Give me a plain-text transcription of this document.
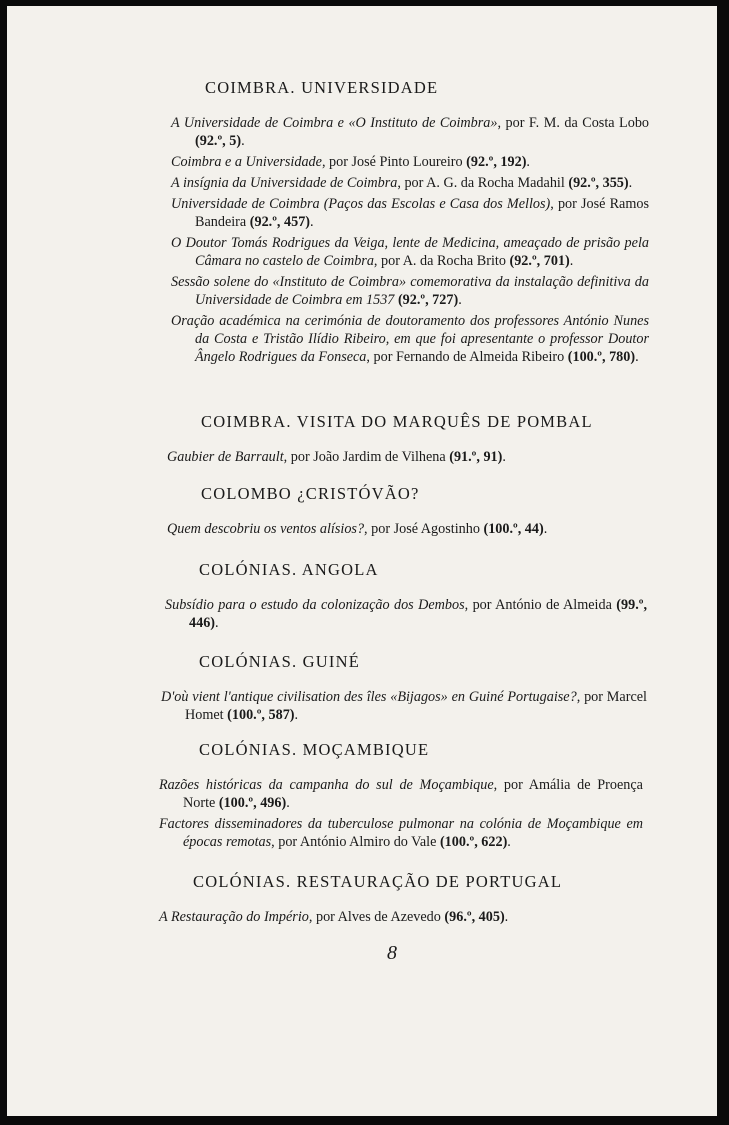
COIMBRA. UNIVERSIDADE

A Universidade de Coimbra e «O Instituto de Coimbra», por F. M. da Costa Lobo (92.º, 5).

Coimbra e a Universidade, por José Pinto Loureiro (92.º, 192).

A insígnia da Universidade de Coimbra, por A. G. da Rocha Madahil (92.º, 355).

Universidade de Coimbra (Paços das Escolas e Casa dos Mellos), por José Ramos Bandeira (92.º, 457).

O Doutor Tomás Rodrigues da Veiga, lente de Medicina, ameaçado de prisão pela Câmara no castelo de Coimbra, por A. da Rocha Brito (92.º, 701).

Sessão solene do «Instituto de Coimbra» comemorativa da instalação definitiva da Universidade de Coimbra em 1537 (92.º, 727).

Oração académica na cerimónia de doutoramento dos professores António Nunes da Costa e Tristão Ilídio Ribeiro, em que foi apresentante o professor Doutor Ângelo Rodrigues da Fonseca, por Fernando de Almeida Ribeiro (100.º, 780).

COIMBRA. VISITA DO MARQUÊS DE POMBAL

Gaubier de Barrault, por João Jardim de Vilhena (91.º, 91).

COLOMBO ¿CRISTÓVÃO?

Quem descobriu os ventos alísios?, por José Agostinho (100.º, 44).

COLÓNIAS. ANGOLA

Subsídio para o estudo da colonização dos Dembos, por António de Almeida (99.º, 446).

COLÓNIAS. GUINÉ

D'où vient l'antique civilisation des îles «Bijagos» en Guiné Portugaise?, por Marcel Homet (100.º, 587).

COLÓNIAS. MOÇAMBIQUE

Razões históricas da campanha do sul de Moçambique, por Amália de Proença Norte (100.º, 496).

Factores disseminadores da tuberculose pulmonar na colónia de Moçambique em épocas remotas, por António Almiro do Vale (100.º, 622).

COLÓNIAS. RESTAURAÇÃO DE PORTUGAL

A Restauração do Império, por Alves de Azevedo (96.º, 405).

8
